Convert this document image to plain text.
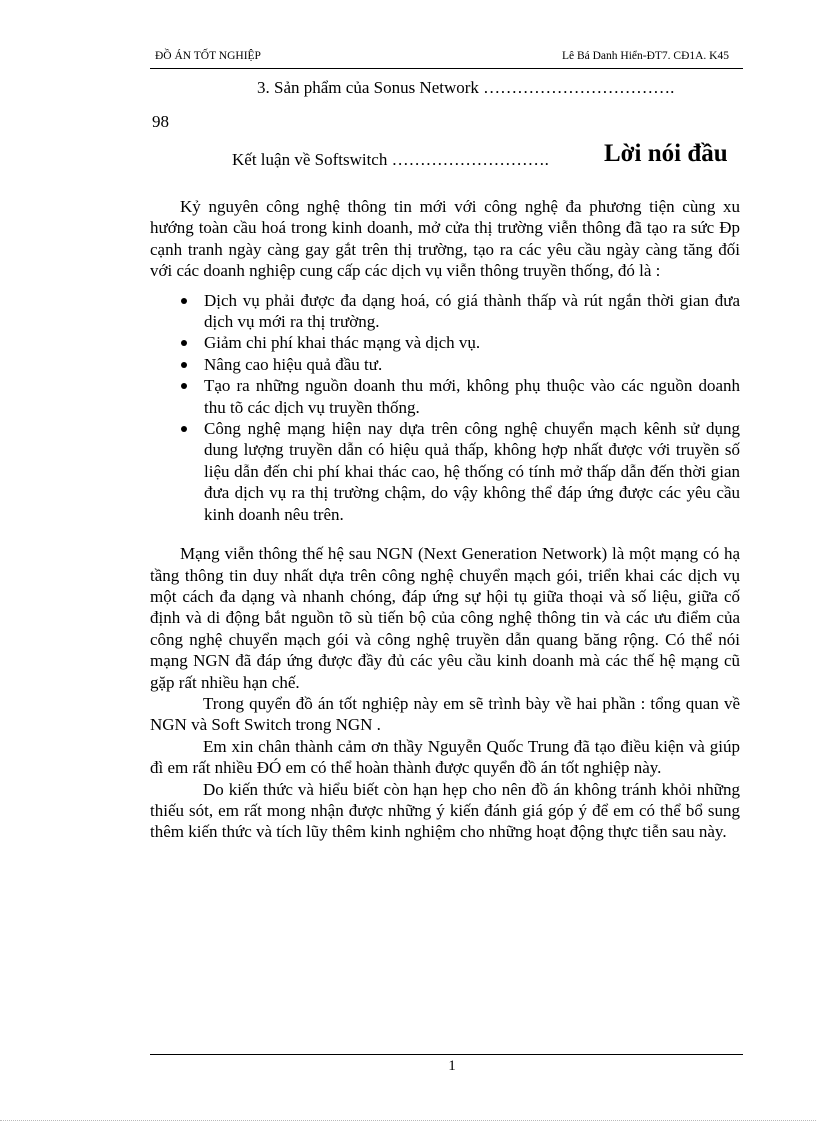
ĐỒ ÁN TỐT NGHIỆP	Lê Bá Danh Hiển-ĐT7. CĐ1A. K45
3. Sản phẩm của Sonus Network …………………………….
98
Kết luận về Softswitch ………………………. Lời nói đầu

Kỷ nguyên công nghệ thông tin mới với công nghệ đa phương tiện cùng xu hướng toàn cầu hoá trong kinh doanh, mở cửa thị trường viễn thông đã tạo ra sức Đp cạnh tranh ngày càng gay gắt trên thị trường, tạo ra các yêu cầu ngày càng tăng đối với các doanh nghiệp cung cấp các dịch vụ viễn thông truyền thống, đó là :

Dịch vụ phải được đa dạng hoá, có giá thành thấp và rút ngắn thời gian đưa dịch vụ mới ra thị trường.
Giảm chi phí khai thác mạng và dịch vụ.
Nâng cao hiệu quả đầu tư.
Tạo ra những nguồn doanh thu mới, không phụ thuộc vào các nguồn doanh thu tõ các dịch vụ truyền thống.
Công nghệ mạng hiện nay dựa trên công nghệ chuyển mạch kênh sử dụng dung lượng truyền dẫn có hiệu quả thấp, không hợp nhất được với truyền số liệu dẫn đến chi phí khai thác cao, hệ thống có tính mở thấp dẫn đến thời gian đưa dịch vụ ra thị trường chậm, do vậy không thể đáp ứng được các yêu cầu kinh doanh nêu trên.

Mạng viễn thông thế hệ sau NGN (Next Generation Network) là một mạng có hạ tầng thông tin duy nhất dựa trên công nghệ chuyển mạch gói, triển khai các dịch vụ một cách đa dạng và nhanh chóng, đáp ứng sự hội tụ giữa thoại và số liệu, giữa cố định và di động bắt nguồn tõ sù tiến bộ của công nghệ thông tin và các ưu điểm của công nghệ chuyển mạch gói và công nghệ truyền dẫn quang băng rộng. Có thể nói mạng NGN đã đáp ứng được đầy đủ các yêu cầu kinh doanh mà các thế hệ mạng cũ gặp rất nhiều hạn chế.

Trong quyển đồ án tốt nghiệp này em sẽ trình bày về hai phần : tổng quan về NGN và Soft Switch trong NGN .

Em xin chân thành cảm ơn thầy Nguyễn Quốc Trung đã tạo điều kiện và giúp đì em rất nhiều ĐÓ em có thể hoàn thành được quyển đồ án tốt nghiệp này.

Do kiến thức và hiểu biết còn hạn hẹp cho nên đồ án không tránh khỏi những thiếu sót, em rất mong nhận được những ý kiến đánh giá góp ý để em có thể bổ sung thêm kiến thức và tích lũy thêm kinh nghiệm cho những hoạt động thực tiễn sau này.

1
